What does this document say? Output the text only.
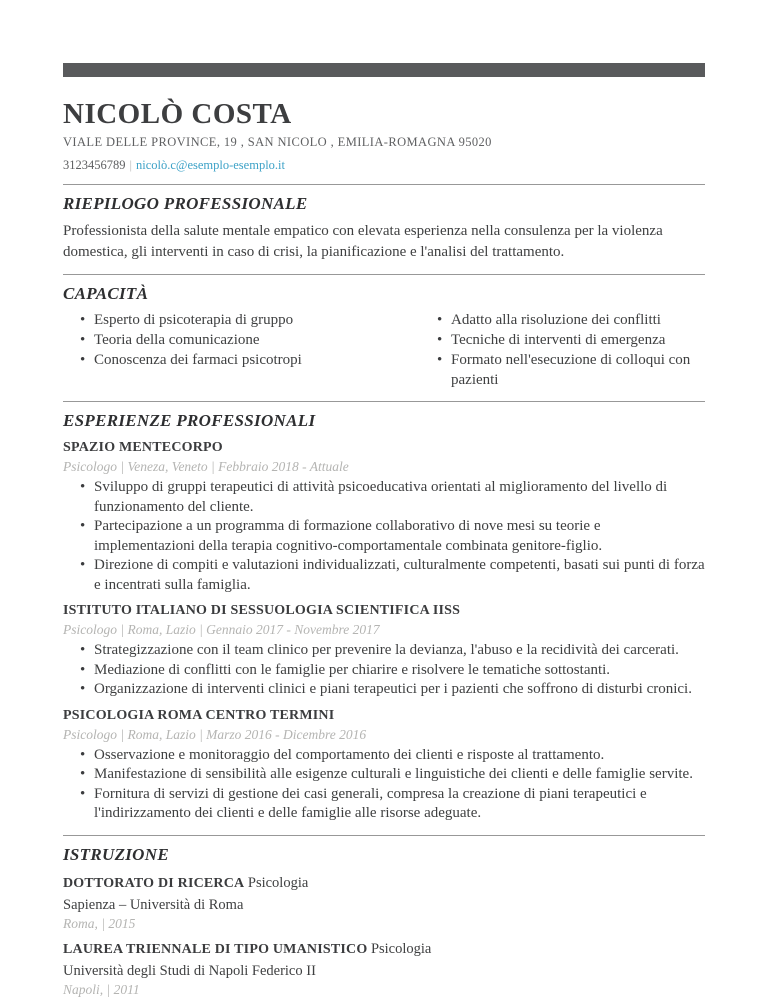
NICOLÒ COSTA
VIALE DELLE PROVINCE, 19 , SAN NICOLO , EMILIA-ROMAGNA 95020
3123456789 | nicolò.c@esemplo-esemplo.it
RIEPILOGO PROFESSIONALE

Professionista della salute mentale empatico con elevata esperienza nella consulenza per la violenza domestica, gli interventi in caso di crisi, la pianificazione e l'analisi del trattamento.

CAPACITÀ
• Esperto di psicoterapia di gruppo
• Teoria della comunicazione
• Conoscenza dei farmaci psicotropi
• Adatto alla risoluzione dei conflitti
• Tecniche di interventi di emergenza
• Formato nell'esecuzione di colloqui con pazienti
ESPERIENZE PROFESSIONALI
SPAZIO MENTECORPO
Psicologo | Veneza, Veneto | Febbraio 2018 - Attuale
• Sviluppo di gruppi terapeutici di attività psicoeducativa orientati al miglioramento del livello di funzionamento del cliente.
• Partecipazione a un programma di formazione collaborativo di nove mesi su teorie e implementazioni della terapia cognitivo-comportamentale combinata genitore-figlio.
• Direzione di compiti e valutazioni individualizzati, culturalmente competenti, basati sui punti di forza e incentrati sulla famiglia.
ISTITUTO ITALIANO DI SESSUOLOGIA SCIENTIFICA IISS
Psicologo | Roma, Lazio | Gennaio 2017 - Novembre 2017
• Strategizzazione con il team clinico per prevenire la devianza, l'abuso e la recidività dei carcerati.
• Mediazione di conflitti con le famiglie per chiarire e risolvere le tematiche sottostanti.
• Organizzazione di interventi clinici e piani terapeutici per i pazienti che soffrono di disturbi cronici.
PSICOLOGIA ROMA CENTRO TERMINI
Psicologo | Roma, Lazio | Marzo 2016 - Dicembre 2016
• Osservazione e monitoraggio del comportamento dei clienti e risposte al trattamento.
• Manifestazione di sensibilità alle esigenze culturali e linguistiche dei clienti e delle famiglie servite.
• Fornitura di servizi di gestione dei casi generali, compresa la creazione di piani terapeutici e l'indirizzamento dei clienti e delle famiglie alle risorse adeguate.
ISTRUZIONE
DOTTORATO DI RICERCA Psicologia
Sapienza – Università di Roma
Roma, | 2015
LAUREA TRIENNALE DI TIPO UMANISTICO Psicologia
Università degli Studi di Napoli Federico II
Napoli, | 2011
